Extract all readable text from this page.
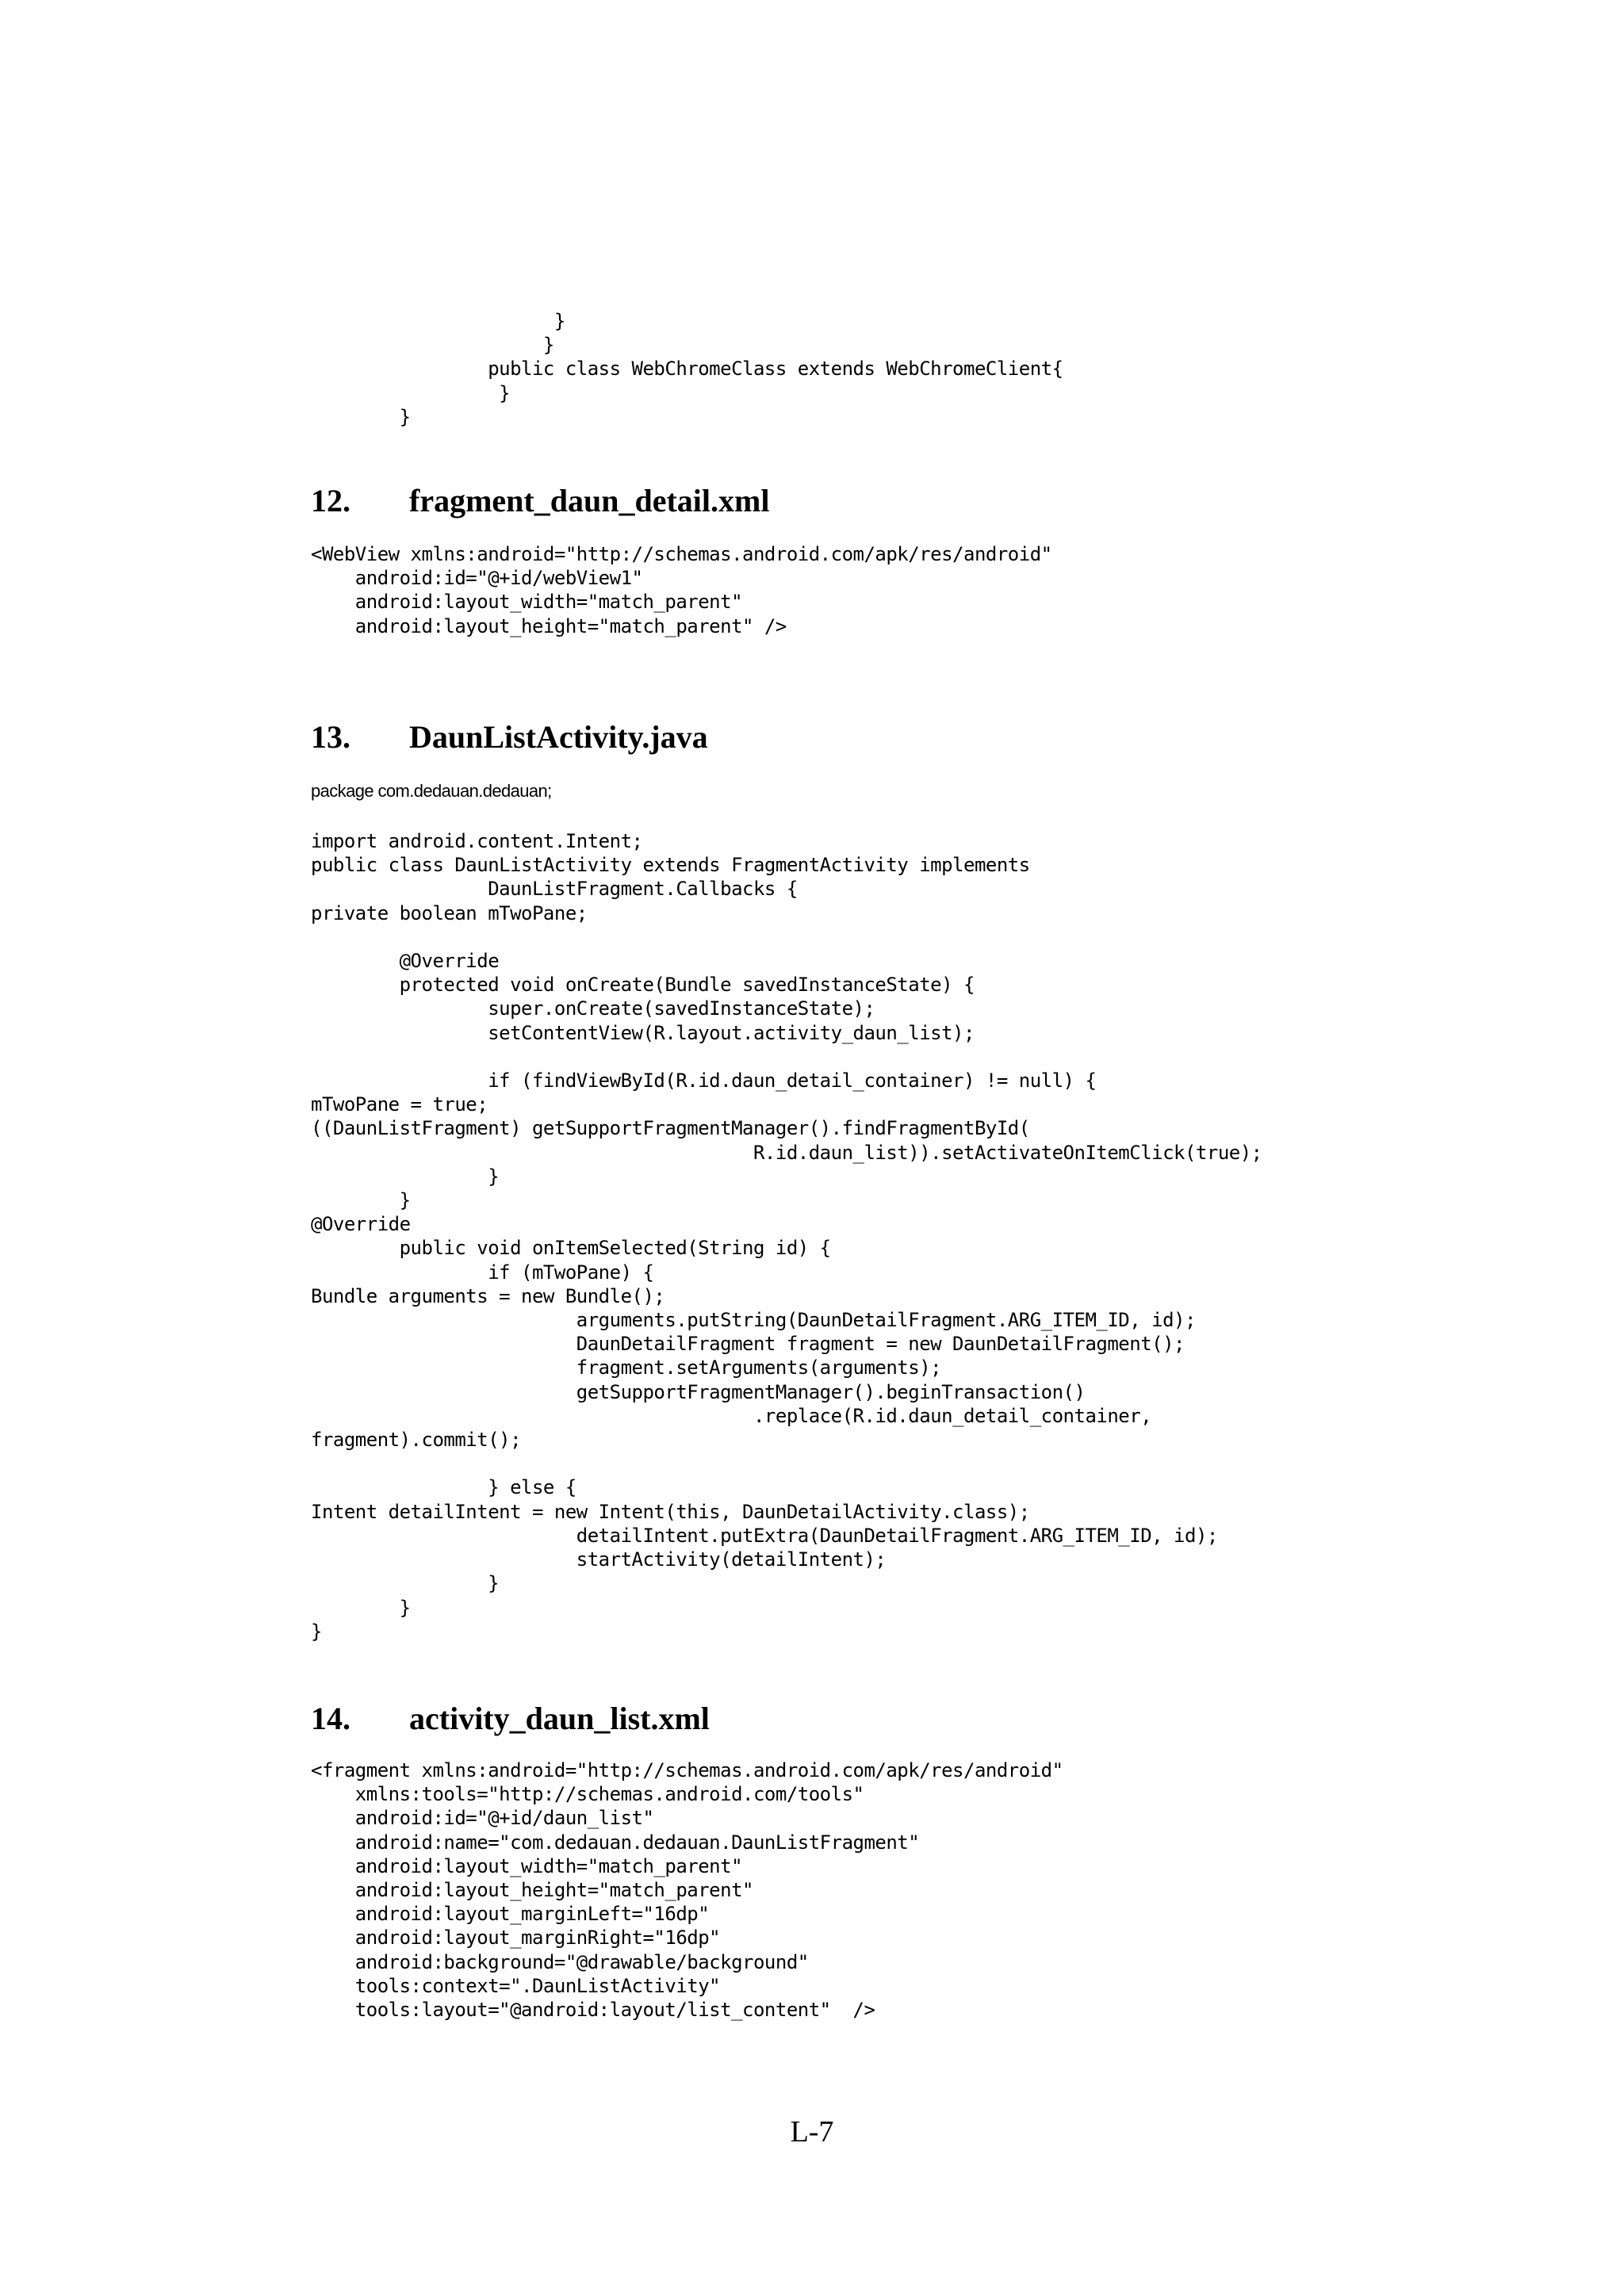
}
}
public class WebChromeClass extends WebChromeClient{
}
}
12. fragment_daun_detail.xml
<WebView xmlns:android="http://schemas.android.com/apk/res/android"
android:id="@+id/webView1"
android:layout_width="match_parent"
android:layout_height="match_parent" />
13. DaunListActivity.java
package com.dedauan.dedauan;
import android.content.Intent;
public class DaunListActivity extends FragmentActivity implements
DaunListFragment.Callbacks {
private boolean mTwoPane;

@Override
protected void onCreate(Bundle savedInstanceState) {
super.onCreate(savedInstanceState);
setContentView(R.layout.activity_daun_list);

if (findViewById(R.id.daun_detail_container) != null) {
mTwoPane = true;
((DaunListFragment) getSupportFragmentManager().findFragmentById(
R.id.daun_list)).setActivateOnItemClick(true);
}
}
@Override
public void onItemSelected(String id) {
if (mTwoPane) {
Bundle arguments = new Bundle();
arguments.putString(DaunDetailFragment.ARG_ITEM_ID, id);
DaunDetailFragment fragment = new DaunDetailFragment();
fragment.setArguments(arguments);
getSupportFragmentManager().beginTransaction()
.replace(R.id.daun_detail_container,
fragment).commit();

} else {
Intent detailIntent = new Intent(this, DaunDetailActivity.class);
detailIntent.putExtra(DaunDetailFragment.ARG_ITEM_ID, id);
startActivity(detailIntent);
}
}
}
14. activity_daun_list.xml
<fragment xmlns:android="http://schemas.android.com/apk/res/android"
xmlns:tools="http://schemas.android.com/tools"
android:id="@+id/daun_list"
android:name="com.dedauan.dedauan.DaunListFragment"
android:layout_width="match_parent"
android:layout_height="match_parent"
android:layout_marginLeft="16dp"
android:layout_marginRight="16dp"
android:background="@drawable/background"
tools:context=".DaunListActivity"
tools:layout="@android:layout/list_content"  />
L-7
